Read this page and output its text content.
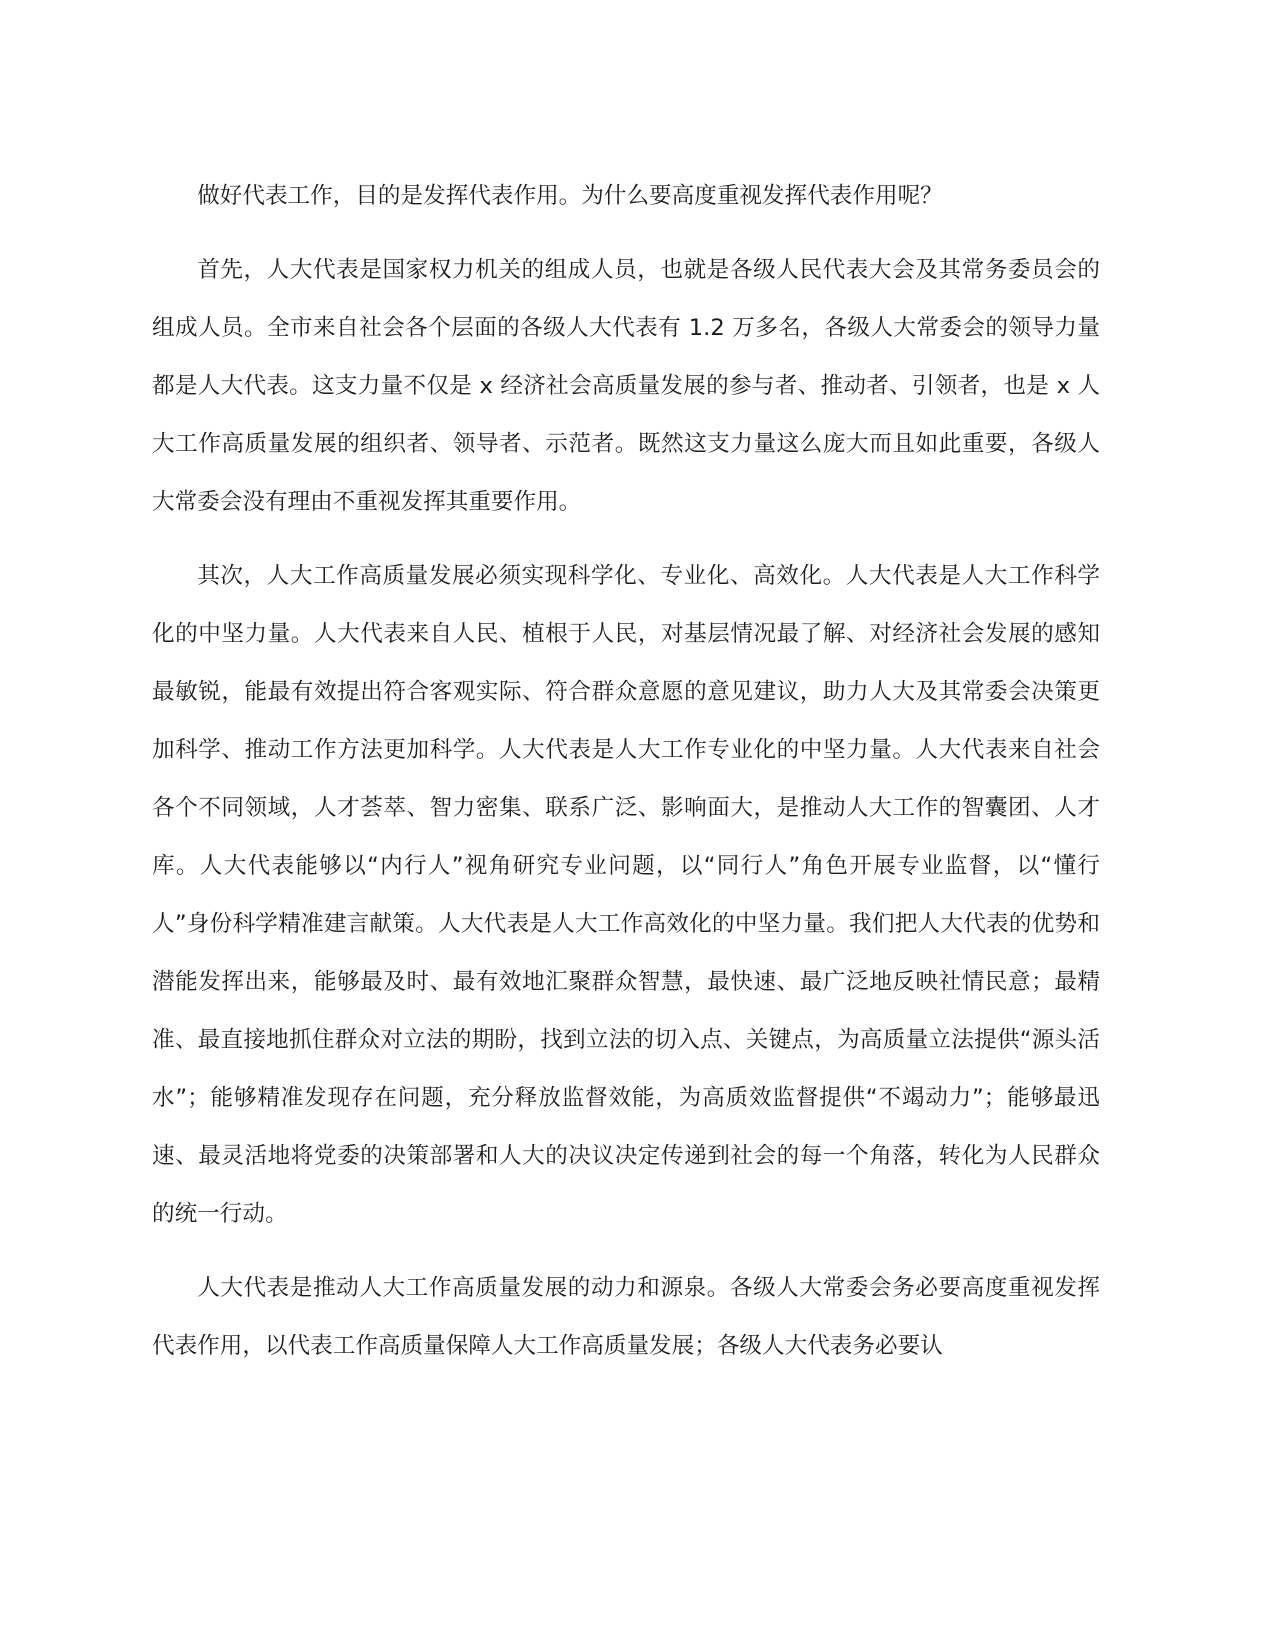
做好代表工作，目的是发挥代表作用。为什么要高度重视发挥代表作用呢？

首先，人大代表是国家权力机关的组成人员，也就是各级人民代表大会及其常务委员会的组成人员。全市来自社会各个层面的各级人大代表有 1.2 万多名，各级人大常委会的领导力量都是人大代表。这支力量不仅是 x 经济社会高质量发展的参与者、推动者、引领者，也是 x 人大工作高质量发展的组织者、领导者、示范者。既然这支力量这么庞大而且如此重要，各级人大常委会没有理由不重视发挥其重要作用。

其次，人大工作高质量发展必须实现科学化、专业化、高效化。人大代表是人大工作科学化的中坚力量。人大代表来自人民、植根于人民，对基层情况最了解、对经济社会发展的感知最敏锐，能最有效提出符合客观实际、符合群众意愿的意见建议，助力人大及其常委会决策更加科学、推动工作方法更加科学。人大代表是人大工作专业化的中坚力量。人大代表来自社会各个不同领域，人才荟萃、智力密集、联系广泛、影响面大，是推动人大工作的智囊团、人才库。人大代表能够以“内行人”视角研究专业问题，以“同行人”角色开展专业监督，以“懂行人”身份科学精准建言献策。人大代表是人大工作高效化的中坚力量。我们把人大代表的优势和潜能发挥出来，能够最及时、最有效地汇聚群众智慧，最快速、最广泛地反映社情民意；最精准、最直接地抓住群众对立法的期盼，找到立法的切入点、关键点，为高质量立法提供“源头活水”；能够精准发现存在问题，充分释放监督效能，为高质效监督提供“不竭动力”；能够最迅速、最灵活地将党委的决策部署和人大的决议决定传递到社会的每一个角落，转化为人民群众的统一行动。

人大代表是推动人大工作高质量发展的动力和源泉。各级人大常委会务必要高度重视发挥代表作用，以代表工作高质量保障人大工作高质量发展；各级人大代表务必要认
